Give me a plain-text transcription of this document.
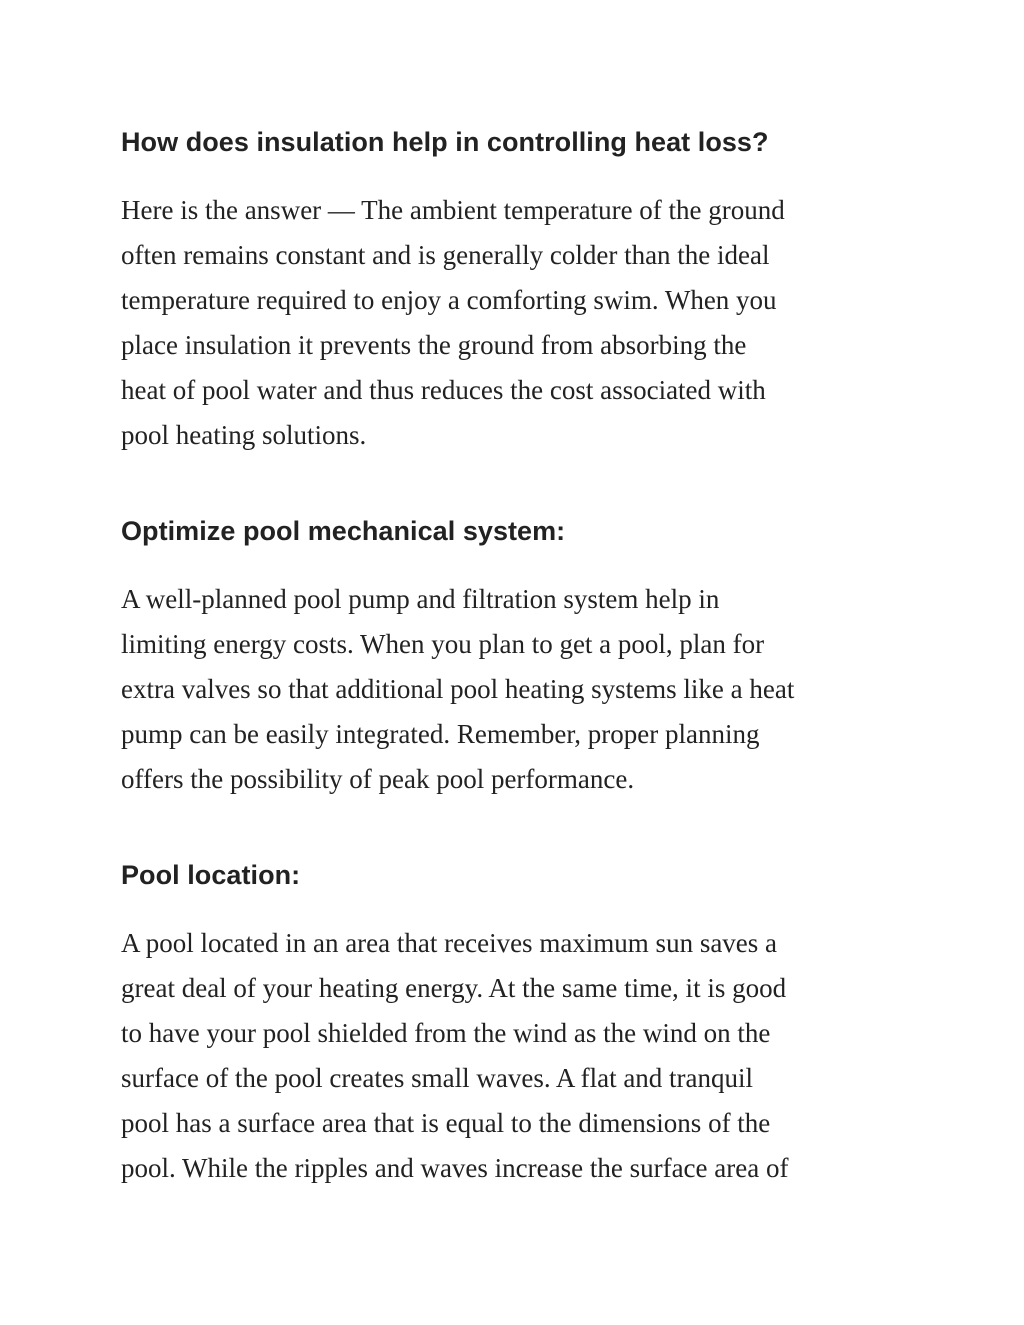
How does insulation help in controlling heat loss?

Here is the answer — The ambient temperature of the ground
often remains constant and is generally colder than the ideal
temperature required to enjoy a comforting swim. When you
place insulation it prevents the ground from absorbing the
heat of pool water and thus reduces the cost associated with
pool heating solutions.

Optimize pool mechanical system:

A well-planned pool pump and filtration system help in
limiting energy costs. When you plan to get a pool, plan for
extra valves so that additional pool heating systems like a heat
pump can be easily integrated. Remember, proper planning
offers the possibility of peak pool performance.

Pool location:

A pool located in an area that receives maximum sun saves a
great deal of your heating energy. At the same time, it is good
to have your pool shielded from the wind as the wind on the
surface of the pool creates small waves. A flat and tranquil
pool has a surface area that is equal to the dimensions of the
pool. While the ripples and waves increase the surface area of
